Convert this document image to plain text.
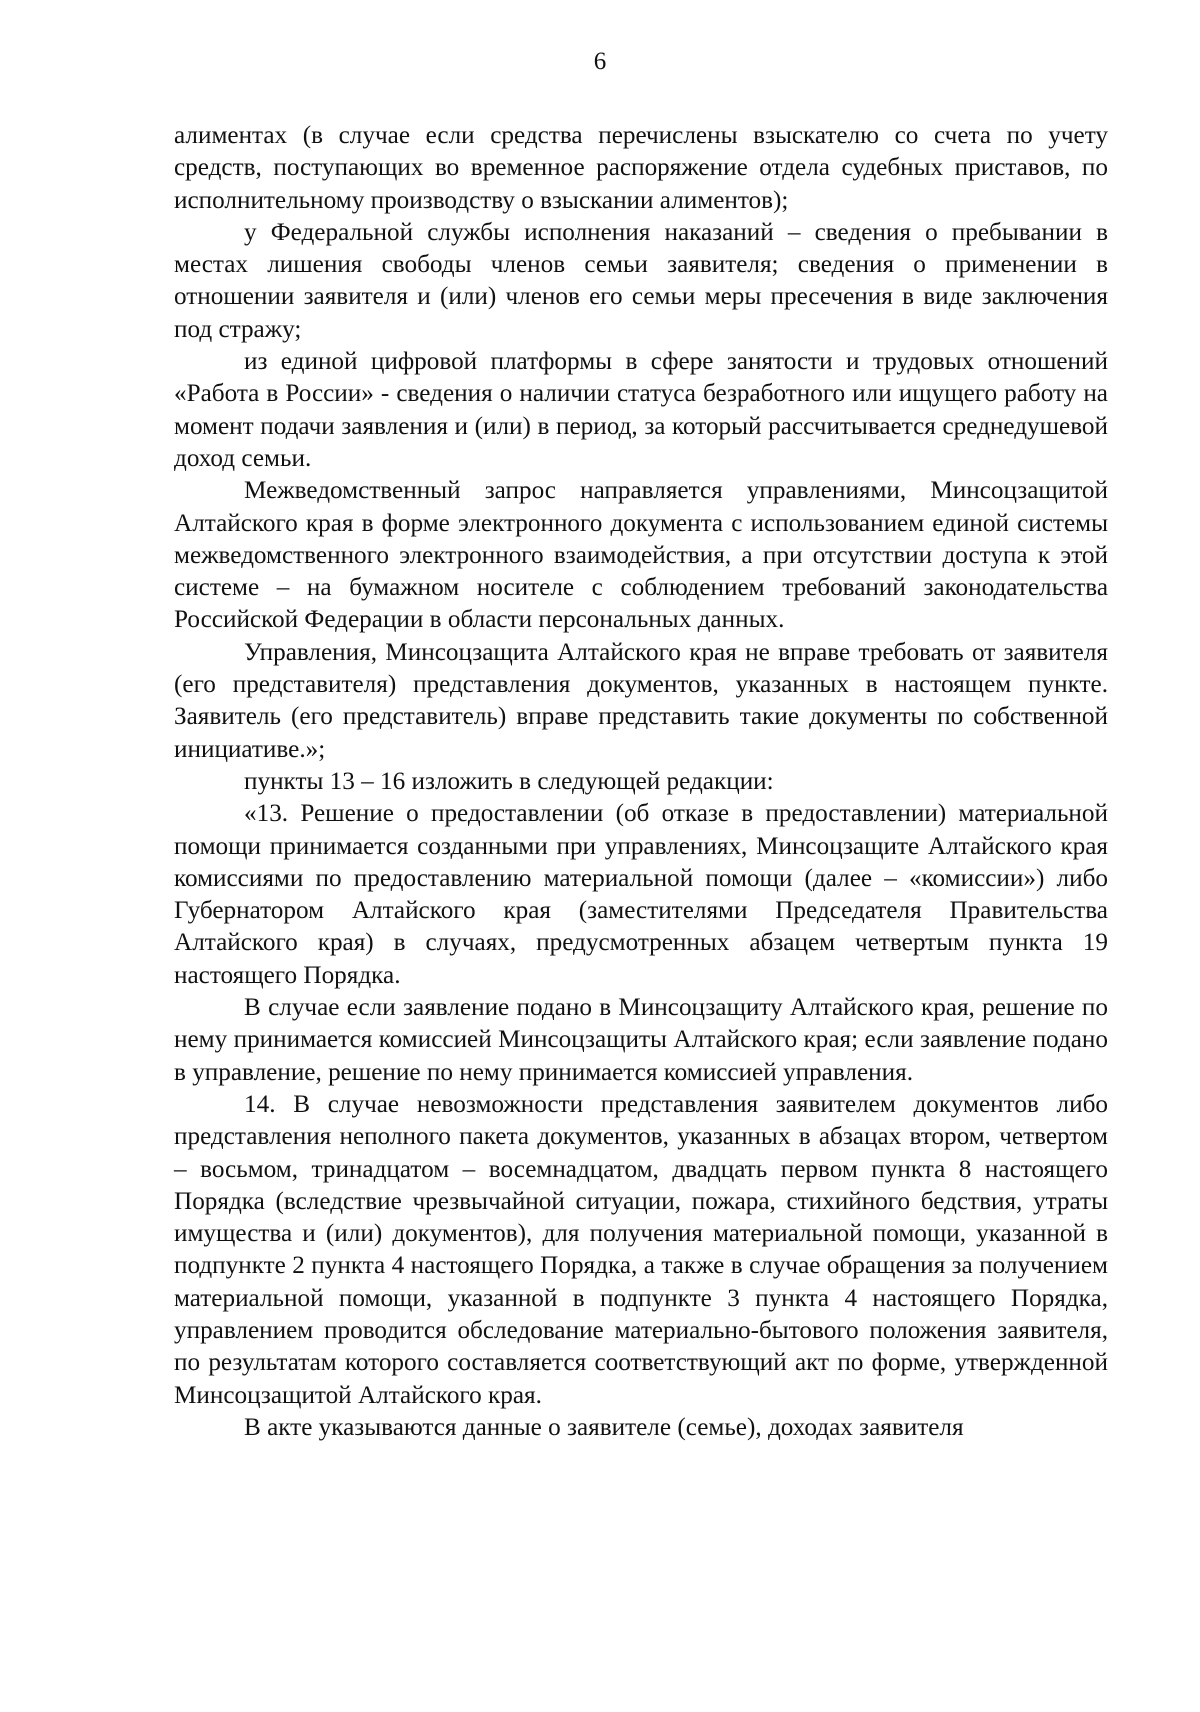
6

алиментах (в случае если средства перечислены взыскателю со счета по учету средств, поступающих во временное распоряжение отдела судебных приставов, по исполнительному производству о взыскании алиментов);

у Федеральной службы исполнения наказаний – сведения о пребывании в местах лишения свободы членов семьи заявителя; сведения о применении в отношении заявителя и (или) членов его семьи меры пресечения в виде заключения под стражу;

из единой цифровой платформы в сфере занятости и трудовых отношений «Работа в России» - сведения о наличии статуса безработного или ищущего работу на момент подачи заявления и (или) в период, за который рассчитывается среднедушевой доход семьи.

Межведомственный запрос направляется управлениями, Минсоцзащитой Алтайского края в форме электронного документа с использованием единой системы межведомственного электронного взаимодействия, а при отсутствии доступа к этой системе – на бумажном носителе с соблюдением требований законодательства Российской Федерации в области персональных данных.

Управления, Минсоцзащита Алтайского края не вправе требовать от заявителя (его представителя) представления документов, указанных в настоящем пункте. Заявитель (его представитель) вправе представить такие документы по собственной инициативе.»;

пункты 13 – 16 изложить в следующей редакции:

«13. Решение о предоставлении (об отказе в предоставлении) материальной помощи принимается созданными при управлениях, Минсоцзащите Алтайского края комиссиями по предоставлению материальной помощи (далее – «комиссии») либо Губернатором Алтайского края (заместителями Председателя Правительства Алтайского края) в случаях, предусмотренных абзацем четвертым пункта 19 настоящего Порядка.

В случае если заявление подано в Минсоцзащиту Алтайского края, решение по нему принимается комиссией Минсоцзащиты Алтайского края; если заявление подано в управление, решение по нему принимается комиссией управления.

14. В случае невозможности представления заявителем документов либо представления неполного пакета документов, указанных в абзацах втором, четвертом – восьмом, тринадцатом – восемнадцатом, двадцать первом пункта 8 настоящего Порядка (вследствие чрезвычайной ситуации, пожара, стихийного бедствия, утраты имущества и (или) документов), для получения материальной помощи, указанной в подпункте 2 пункта 4 настоящего Порядка, а также в случае обращения за получением материальной помощи, указанной в подпункте 3 пункта 4 настоящего Порядка, управлением проводится обследование материально-бытового положения заявителя, по результатам которого составляется соответствующий акт по форме, утвержденной Минсоцзащитой Алтайского края.

В акте указываются данные о заявителе (семье), доходах заявителя
